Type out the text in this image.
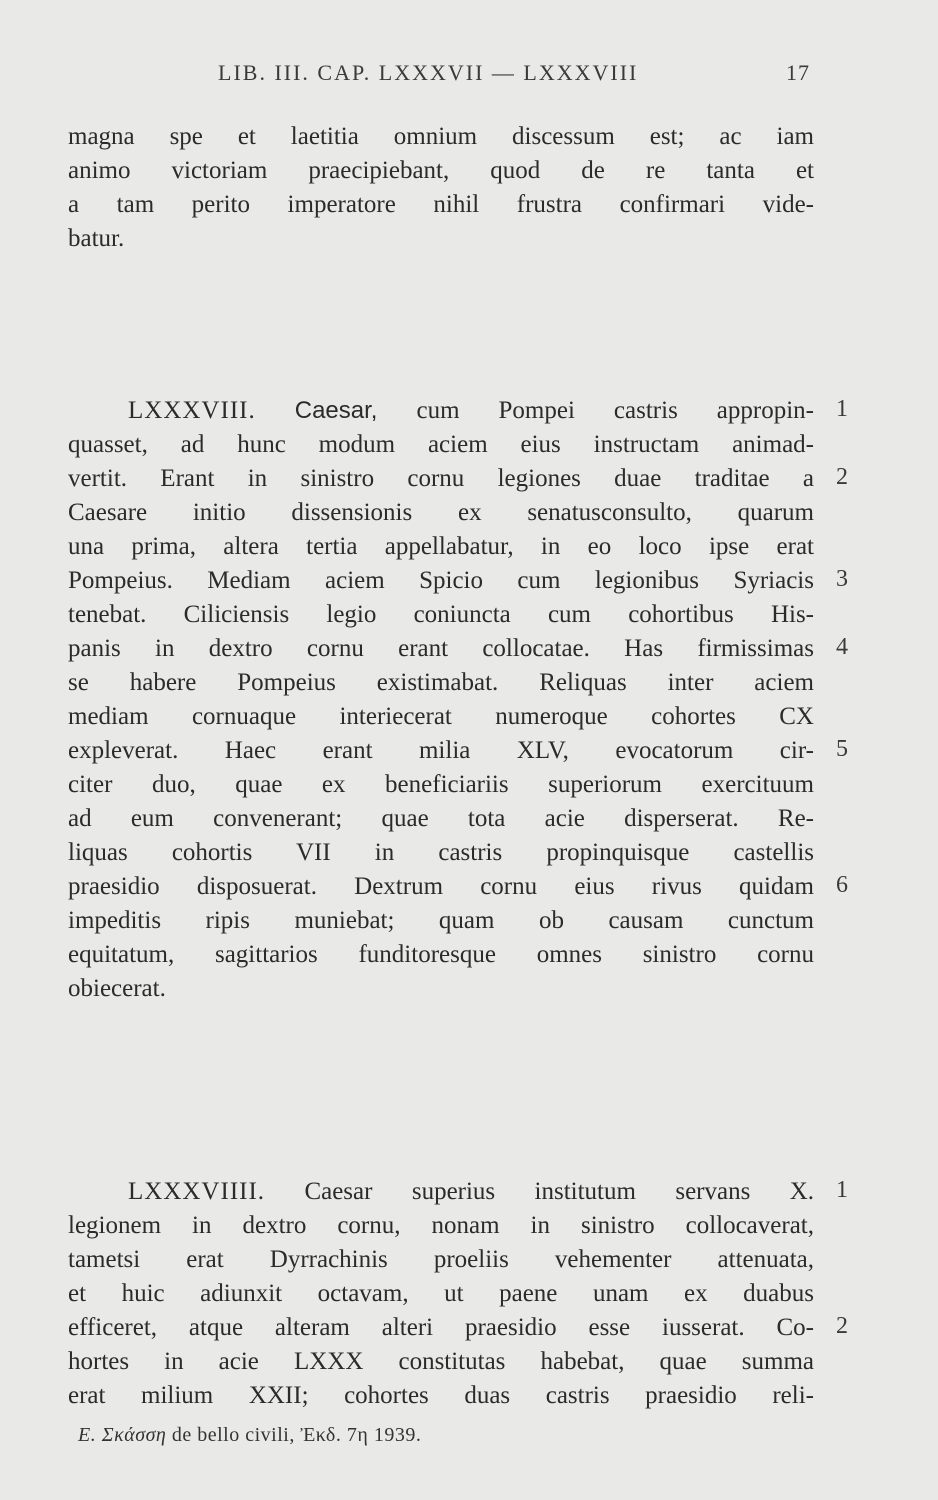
LIB. III. CAP. LXXXVII — LXXXVIII	17
magna spe et laetitia omnium discessum est; ac iam
animo victoriam praecipiebant, quod de re tanta et
a tam perito imperatore nihil frustra confirmari vide-
batur.
LXXXVIII. Caesar, cum Pompei castris appropin-
quasset, ad hunc modum aciem eius instructam animad-
vertit. Erant in sinistro cornu legiones duae traditae a
Caesare initio dissensionis ex senatusconsulto, quarum
una prima, altera tertia appellabatur, in eo loco ipse erat
Pompeius. Mediam aciem Spicio cum legionibus Syriacis
tenebat. Ciliciensis legio coniuncta cum cohortibus His-
panis in dextro cornu erant collocatae. Has firmissimas
se habere Pompeius existimabat. Reliquas inter aciem
mediam cornuaque interiecerat numeroque cohortes CX
expleverat. Haec erant milia XLV, evocatorum cir-
citer duo, quae ex beneficiariis superiorum exercituum
ad eum convenerant; quae tota acie disperserat. Re-
liquas cohortis VII in castris propinquisque castellis
praesidio disposuerat. Dextrum cornu eius rivus quidam
impeditis ripis muniebat; quam ob causam cunctum
equitatum, sagittarios funditoresque omnes sinistro cornu
obiecerat.
1
2
3
4
5
6
LXXXVIIII. Caesar superius institutum servans X.
legionem in dextro cornu, nonam in sinistro collocaverat,
tametsi erat Dyrrachinis proeliis vehementer attenuata,
et huic adiunxit octavam, ut paene unam ex duabus
efficeret, atque alteram alteri praesidio esse iusserat. Co-
hortes in acie LXXX constitutas habebat, quae summa
erat milium XXII; cohortes duas castris praesidio reli-
1
2
Ε. Σκάσση de bello civili, Ἐκδ. 7η 1939.
